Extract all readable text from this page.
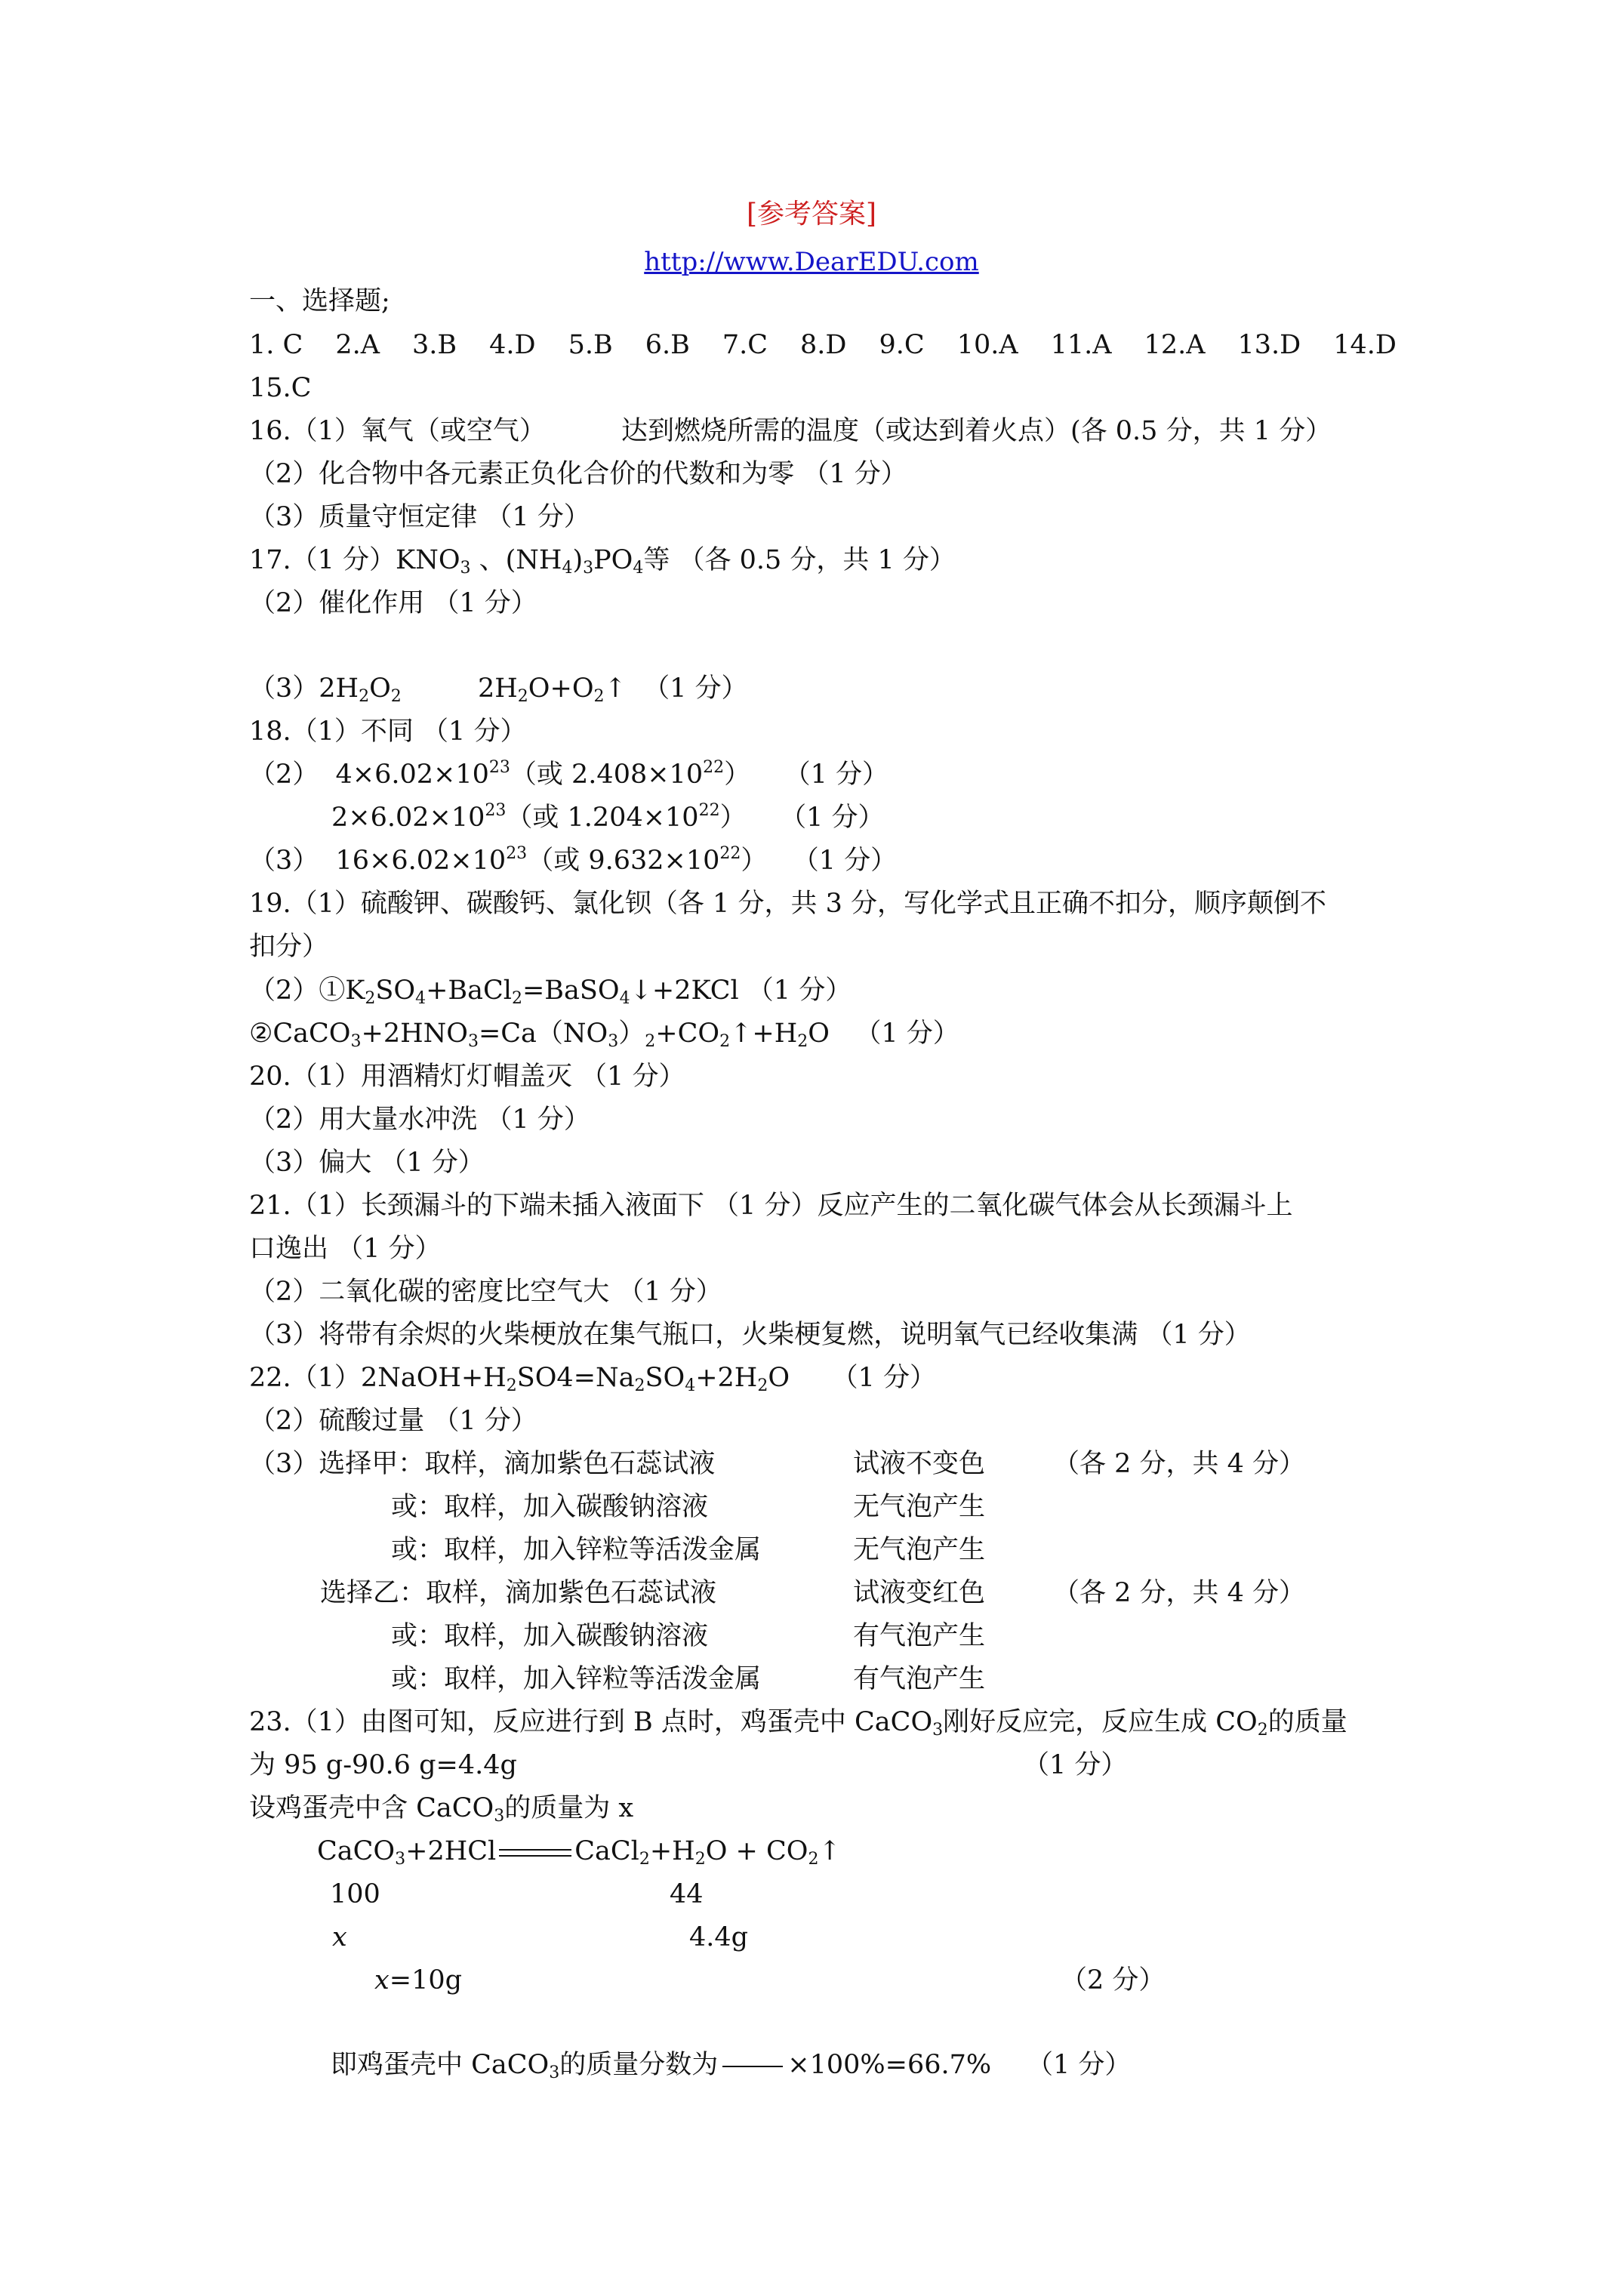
[参考答案]
http://www.DearEDU.com
一、选择题;
1. C 2.A 3.B 4.D 5.B 6.B 7.C 8.D 9.C 10.A 11.A 12.A 13.D 14.D
15.C
16.（1）氧气（或空气）	达到燃烧所需的温度（或达到着火点）(各 0.5 分，共 1 分）
（2）化合物中各元素正负化合价的代数和为零 （1 分）
（3）质量守恒定律 （1 分）
17.（1 分）$KNO_3$ 、$(NH_4)_3PO_4$等 （各 0.5 分，共 1 分）
（2）催化作用 （1 分）
$(3)2H_2O_2$	$2H_2O+O_2↑$  （1 分）
18.（1）不同 （1 分）
（2）  $4\times 6.02\times 10^{23}$（或 $2.408\times 10^{22}$）    （1 分）
$2\times 6.02\times 10^{23}$（或 $1.204\times 10^{22}$）    （1 分）
（3）  $16\times 6.02\times 10^{23}$（或 $9.632\times 10^{22}$）   （1 分）
19.（1）硫酸钾、碳酸钙、氯化钡（各 1 分，共 3 分，写化学式且正确不扣分，顺序颠倒不
扣分）
$(2)①K_2SO_4+BaCl_2=BaSO_4↓+2KCl$ （1 分）
$②CaCO_3+2HNO_3=Ca(NO_3)_2+CO_2↑+H_2O$   （1 分）
20.（1）用酒精灯灯帽盖灭 （1 分）
（2）用大量水冲洗 （1 分）
（3）偏大 （1 分）
21.（1）长颈漏斗的下端未插入液面下 （1 分）反应产生的二氧化碳气体会从长颈漏斗上
口逸出 （1 分）
（2）二氧化碳的密度比空气大 （1 分）
（3）将带有余烬的火柴梗放在集气瓶口，火柴梗复燃，说明氧气已经收集满 （1 分）
$22.(1)2NaOH+H_2SO4=Na_2SO_4+2H_2O$     （1 分）
（2）硫酸过量 （1 分）
（3）选择甲：取样，滴加紫色石蕊试液	试液不变色	（各 2 分，共 4 分）
或：取样，加入碳酸钠溶液	无气泡产生
或：取样，加入锌粒等活泼金属	无气泡产生
选择乙：取样，滴加紫色石蕊试液	试液变红色	（各 2 分，共 4 分）
或：取样，加入碳酸钠溶液	有气泡产生
或：取样，加入锌粒等活泼金属	有气泡产生
23.（1）由图可知，反应进行到 B 点时，鸡蛋壳中 CaCO$_3$刚好反应完，反应生成 $CO_2$的质量
为 95 g-90.6 g=4.4g	（1 分）
设鸡蛋壳中含 CaCO$_3$的质量为 x
CaCO$_3$+2HCl	$CaCl_2+H_2O$ + $CO_2↑$
100	44
x	4.4g
x=10g	（2 分）
即鸡蛋壳中 CaCO$_3$的质量分数为	×100%=66.7% （1 分）
